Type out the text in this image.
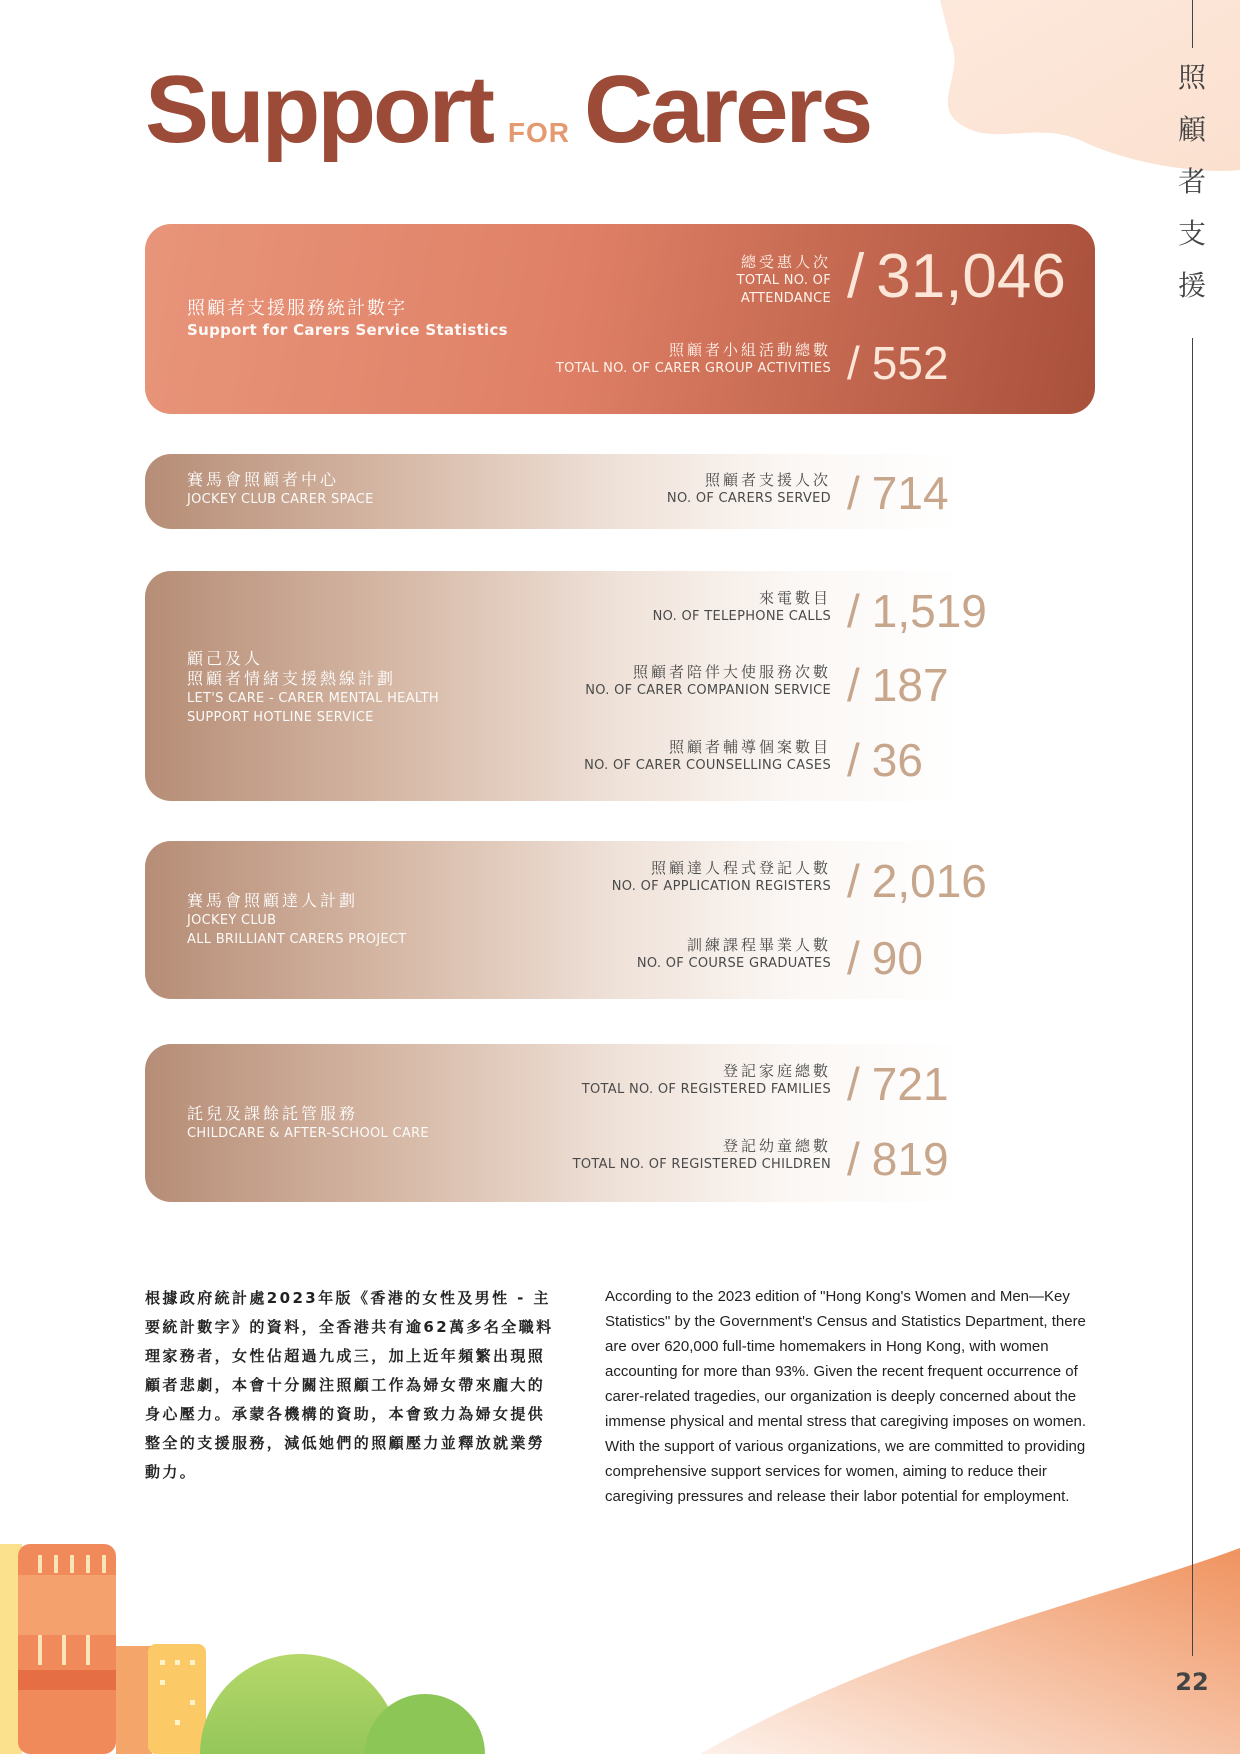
照
顧
者
支
援
22
Support FOR Carers
照顧者支援服務統計數字
Support for Carers Service Statistics
總受惠人次
TOTAL NO. OF
ATTENDANCE / 31,046
照顧者小組活動總數
TOTAL NO. OF CARER GROUP ACTIVITIES / 552
賽馬會照顧者中心
JOCKEY CLUB CARER SPACE
照顧者支援人次
NO. OF CARERS SERVED / 714
顧己及人
照顧者情緒支援熱線計劃
LET'S CARE - CARER MENTAL HEALTH
SUPPORT HOTLINE SERVICE
來電數目
NO. OF TELEPHONE CALLS / 1,519
照顧者陪伴大使服務次數
NO. OF CARER COMPANION SERVICE / 187
照顧者輔導個案數目
NO. OF CARER COUNSELLING CASES / 36
賽馬會照顧達人計劃
JOCKEY CLUB
ALL BRILLIANT CARERS PROJECT
照顧達人程式登記人數
NO. OF APPLICATION REGISTERS / 2,016
訓練課程畢業人數
NO. OF COURSE GRADUATES / 90
託兒及課餘託管服務
CHILDCARE & AFTER-SCHOOL CARE
登記家庭總數
TOTAL NO. OF REGISTERED FAMILIES / 721
登記幼童總數
TOTAL NO. OF REGISTERED CHILDREN / 819
根據政府統計處2023年版《香港的女性及男性 - 主要統計數字》的資料，全香港共有逾62萬多名全職料理家務者，女性佔超過九成三，加上近年頻繁出現照顧者悲劇，本會十分關注照顧工作為婦女帶來龐大的身心壓力。承蒙各機構的資助，本會致力為婦女提供整全的支援服務，減低她們的照顧壓力並釋放就業勞動力。
According to the 2023 edition of "Hong Kong's Women and Men—Key Statistics" by the Government's Census and Statistics Department, there are over 620,000 full-time homemakers in Hong Kong, with women accounting for more than 93%. Given the recent frequent occurrence of carer-related tragedies, our organization is deeply concerned about the immense physical and mental stress that caregiving imposes on women. With the support of various organizations, we are committed to providing comprehensive support services for women, aiming to reduce their caregiving pressures and release their labor potential for employment.
